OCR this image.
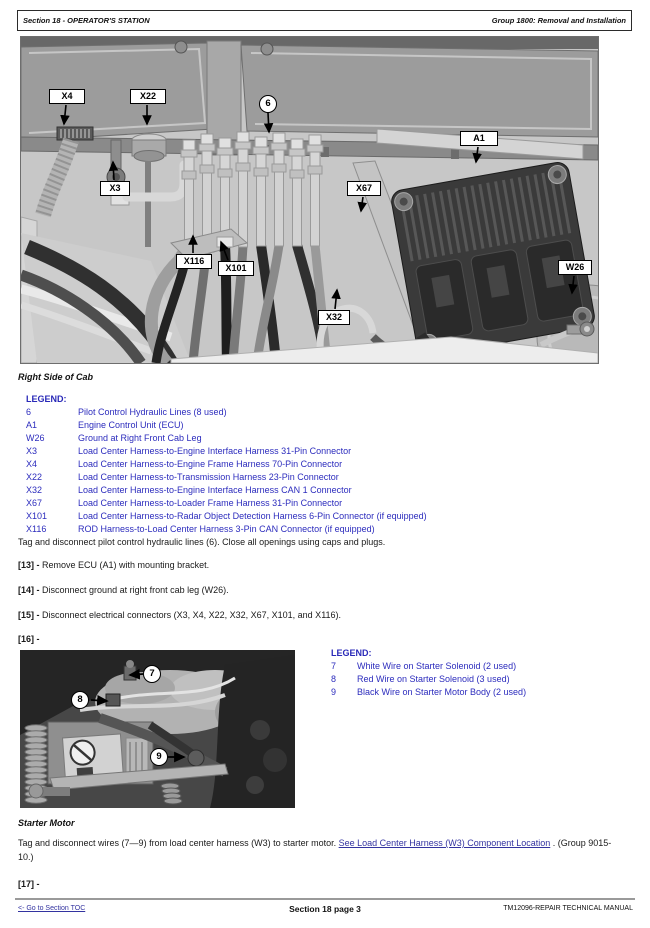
Section 18 - OPERATOR'S STATION	Group 1800: Removal and Installation
X4	X22
6
A1
X3	X67
X116
X101	W26
X32
Right Side of Cab
LEGEND:
6	Pilot Control Hydraulic Lines (8 used)
A1	Engine Control Unit (ECU)
W26	Ground at Right Front Cab Leg
X3	Load Center Harness-to-Engine Interface Harness 31-Pin Connector
X4	Load Center Harness-to-Engine Frame Harness 70-Pin Connector
X22	Load Center Harness-to-Transmission Harness 23-Pin Connector
X32	Load Center Harness-to-Engine Interface Harness CAN 1 Connector
X67	Load Center Harness-to-Loader Frame Harness 31-Pin Connector
X101	Load Center Harness-to-Radar Object Detection Harness 6-Pin Connector (if equipped)
X116	ROD Harness-to-Load Center Harness 3-Pin CAN Connector (if equipped)
Tag and disconnect pilot control hydraulic lines (6). Close all openings using caps and plugs.
[13] - Remove ECU (A1) with mounting bracket.
[14] - Disconnect ground at right front cab leg (W26).
[15] - Disconnect electrical connectors (X3, X4, X22, X32, X67, X101, and X116).
[16] -
7
8
9
LEGEND:
7	White Wire on Starter Solenoid (2 used)
8	Red Wire on Starter Solenoid (3 used)
9	Black Wire on Starter Motor Body (2 used)
Starter Motor
Tag and disconnect wires (7—9) from load center harness (W3) to starter motor. See Load Center Harness (W3) Component Location . (Group 9015-10.)
[17] -
<- Go to Section TOC	Section 18 page 3	TM12096-REPAIR TECHNICAL MANUAL
